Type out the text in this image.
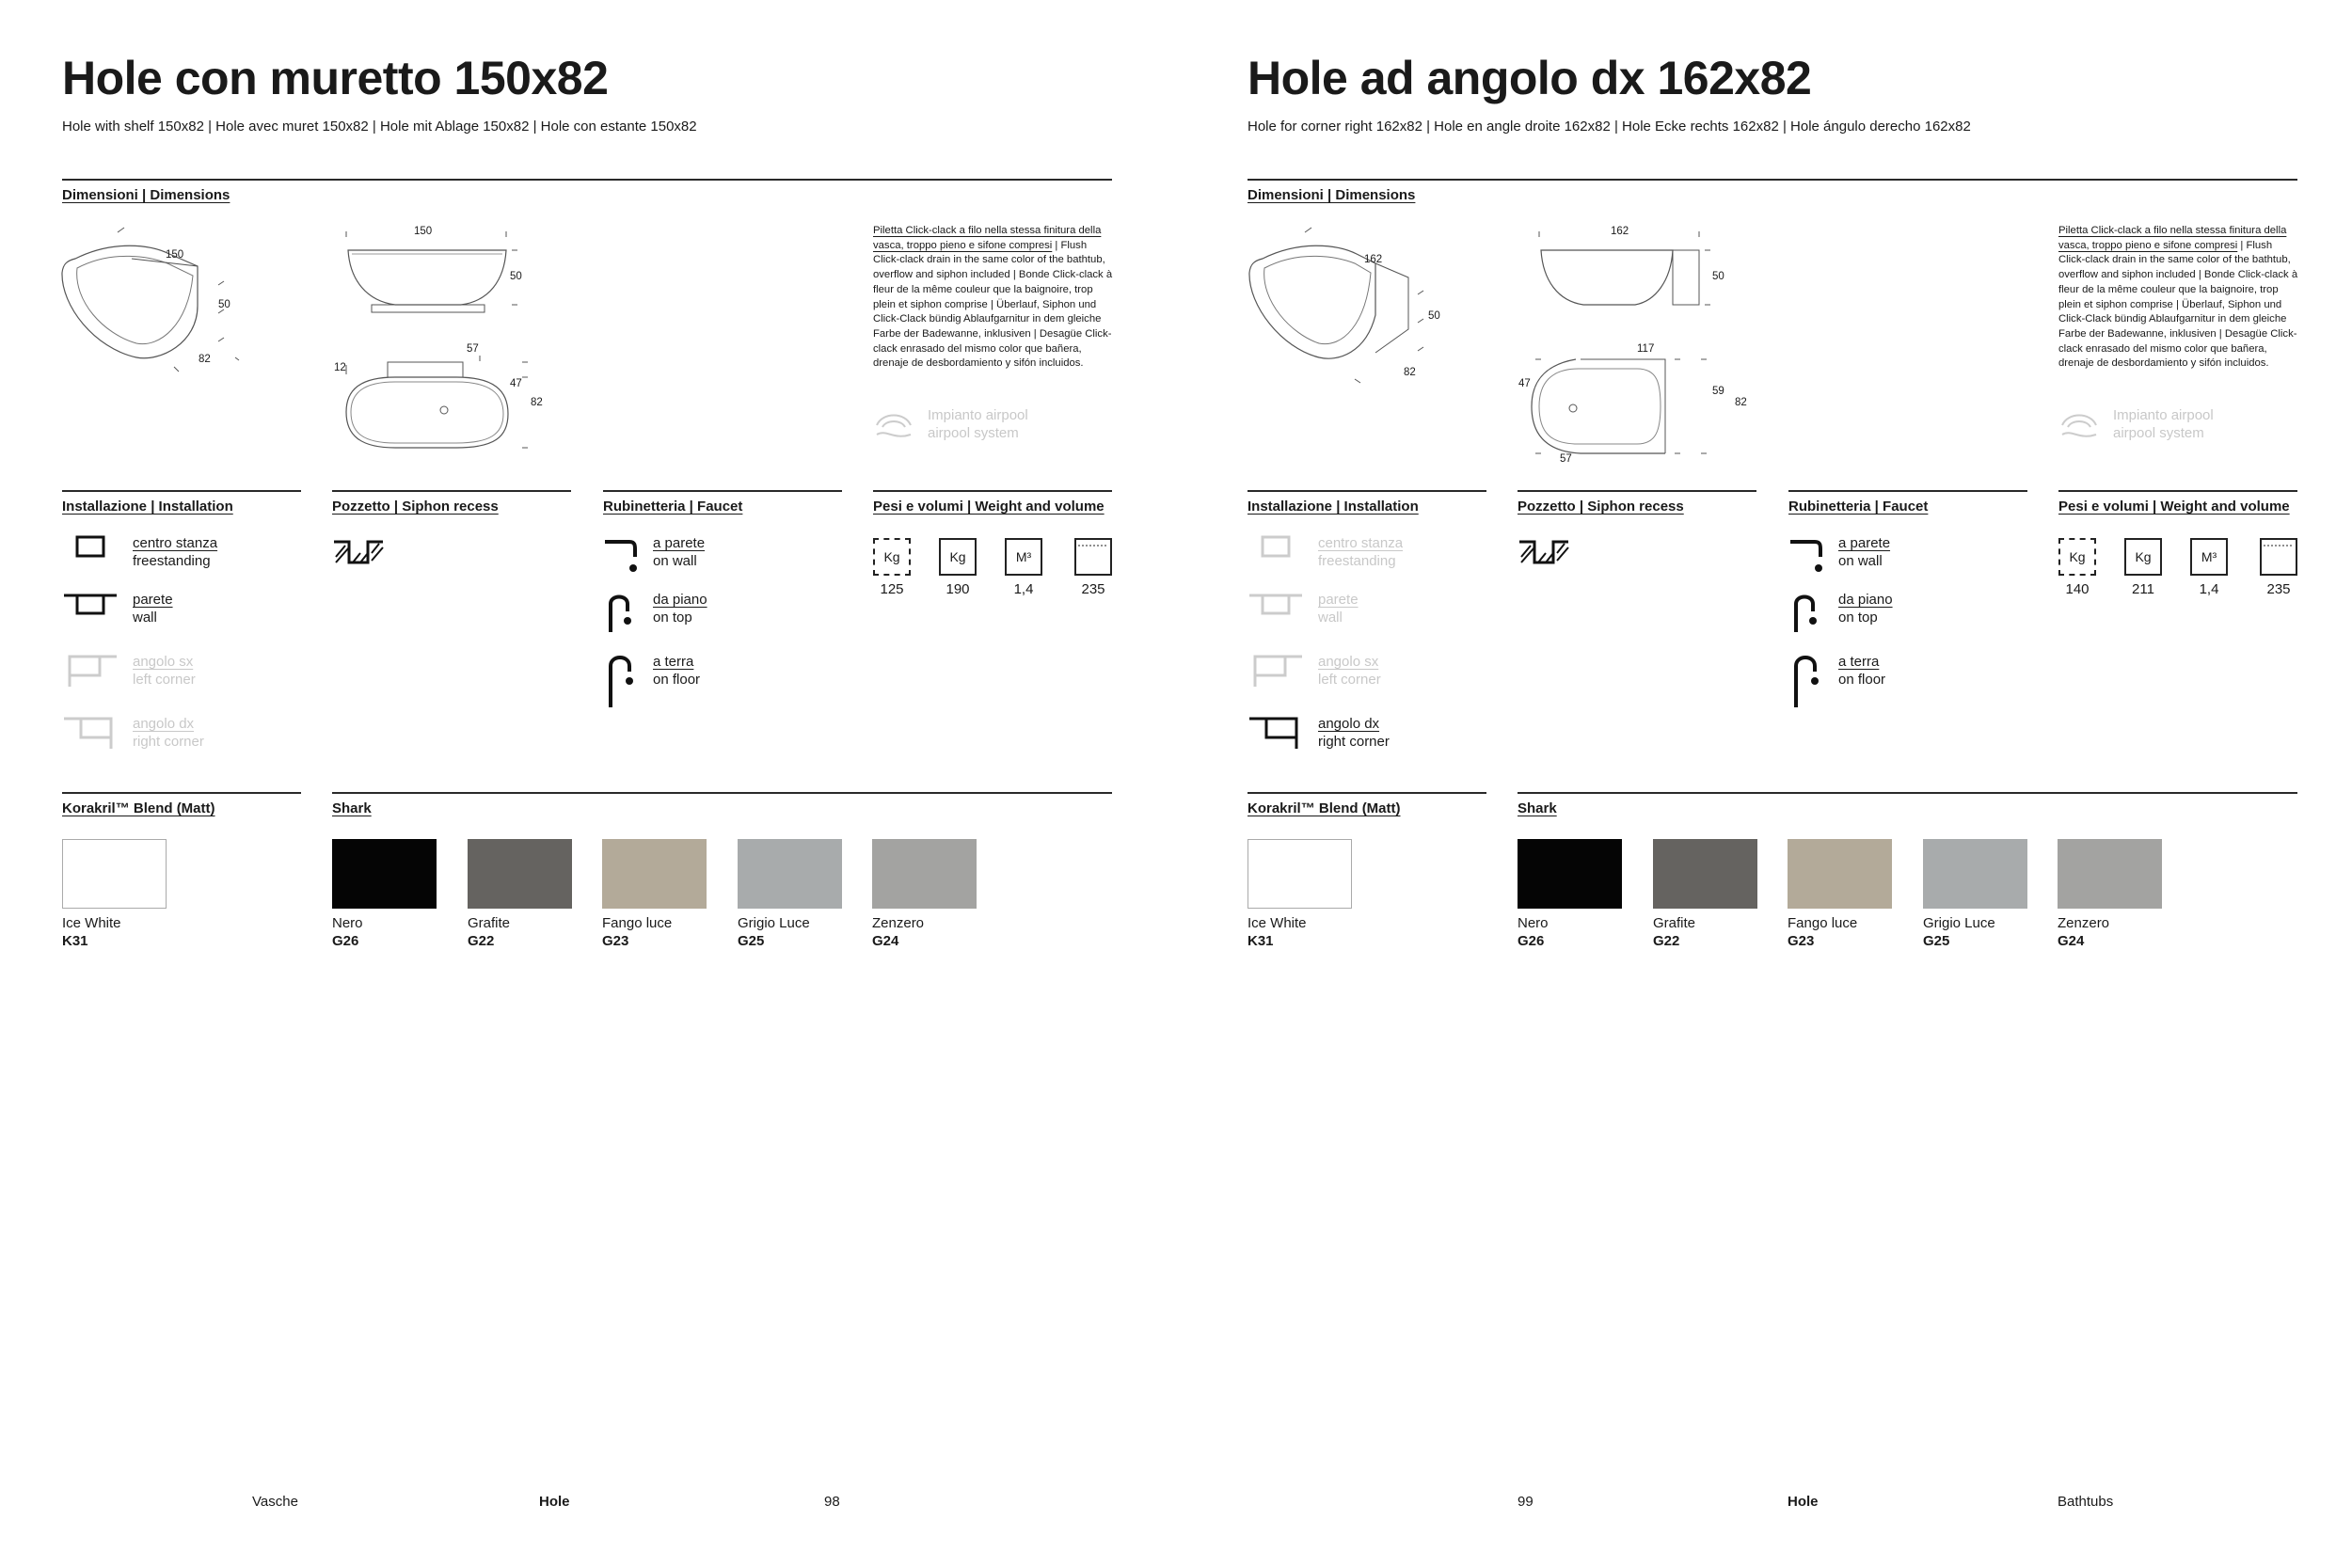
Hole con muretto 150x82
Hole with shelf 150x82 | Hole avec muret 150x82 | Hole mit Ablage 150x82 | Hole con estante 150x82
Dimensioni | Dimensions
150
50
82
150
50
57
12
47
82
Piletta Click-clack a filo nella stessa finitura della vasca, troppo pieno e sifone compresi | Flush Click-clack drain in the same color of the bathtub, overflow and siphon included | Bonde Click-clack à fleur de la même couleur que la baignoire, trop plein et siphon comprise | Überlauf, Siphon und Click-Clack bündig Ablaufgarnitur in dem gleiche Farbe der Badewanne, inklusiven | Desagüe Click-clack enrasado del mismo color que bañera, drenaje de desbordamiento y sifón incluidos.
Impianto airpool
airpool system
Installazione | Installation	Pozzetto | Siphon recess	Rubinetteria | Faucet	Pesi e volumi | Weight and volume
centro stanza
freestanding
parete
wall
angolo sx
left corner
angolo dx
right corner
a parete
on wall
da piano
on top
a terra
on floor
Kg	Kg	M³
125	190	1,4	235
Korakril™ Blend (Matt)	Shark
Ice White
K31
Nero
G26
Grafite
G22
Fango luce
G23
Grigio Luce
G25
Zenzero
G24
Vasche	Hole	98
Hole ad angolo dx 162x82
Hole for corner right 162x82 | Hole en angle droite 162x82 | Hole Ecke rechts 162x82 | Hole ángulo derecho 162x82
Dimensioni | Dimensions
162
50
82
162
50
117
47
59
82
57
Piletta Click-clack a filo nella stessa finitura della vasca, troppo pieno e sifone compresi | Flush Click-clack drain in the same color of the bathtub, overflow and siphon included | Bonde Click-clack à fleur de la même couleur que la baignoire, trop plein et siphon comprise | Überlauf, Siphon und Click-Clack bündig Ablaufgarnitur in dem gleiche Farbe der Badewanne, inklusiven | Desagüe Click-clack enrasado del mismo color que bañera, drenaje de desbordamiento y sifón incluidos.
Impianto airpool
airpool system
Installazione | Installation	Pozzetto | Siphon recess	Rubinetteria | Faucet	Pesi e volumi | Weight and volume
centro stanza
freestanding
parete
wall
angolo sx
left corner
angolo dx
right corner
a parete
on wall
da piano
on top
a terra
on floor
Kg	Kg	M³
140	211	1,4	235
Korakril™ Blend (Matt)	Shark
Ice White
K31
Nero
G26
Grafite
G22
Fango luce
G23
Grigio Luce
G25
Zenzero
G24
99	Hole	Bathtubs
